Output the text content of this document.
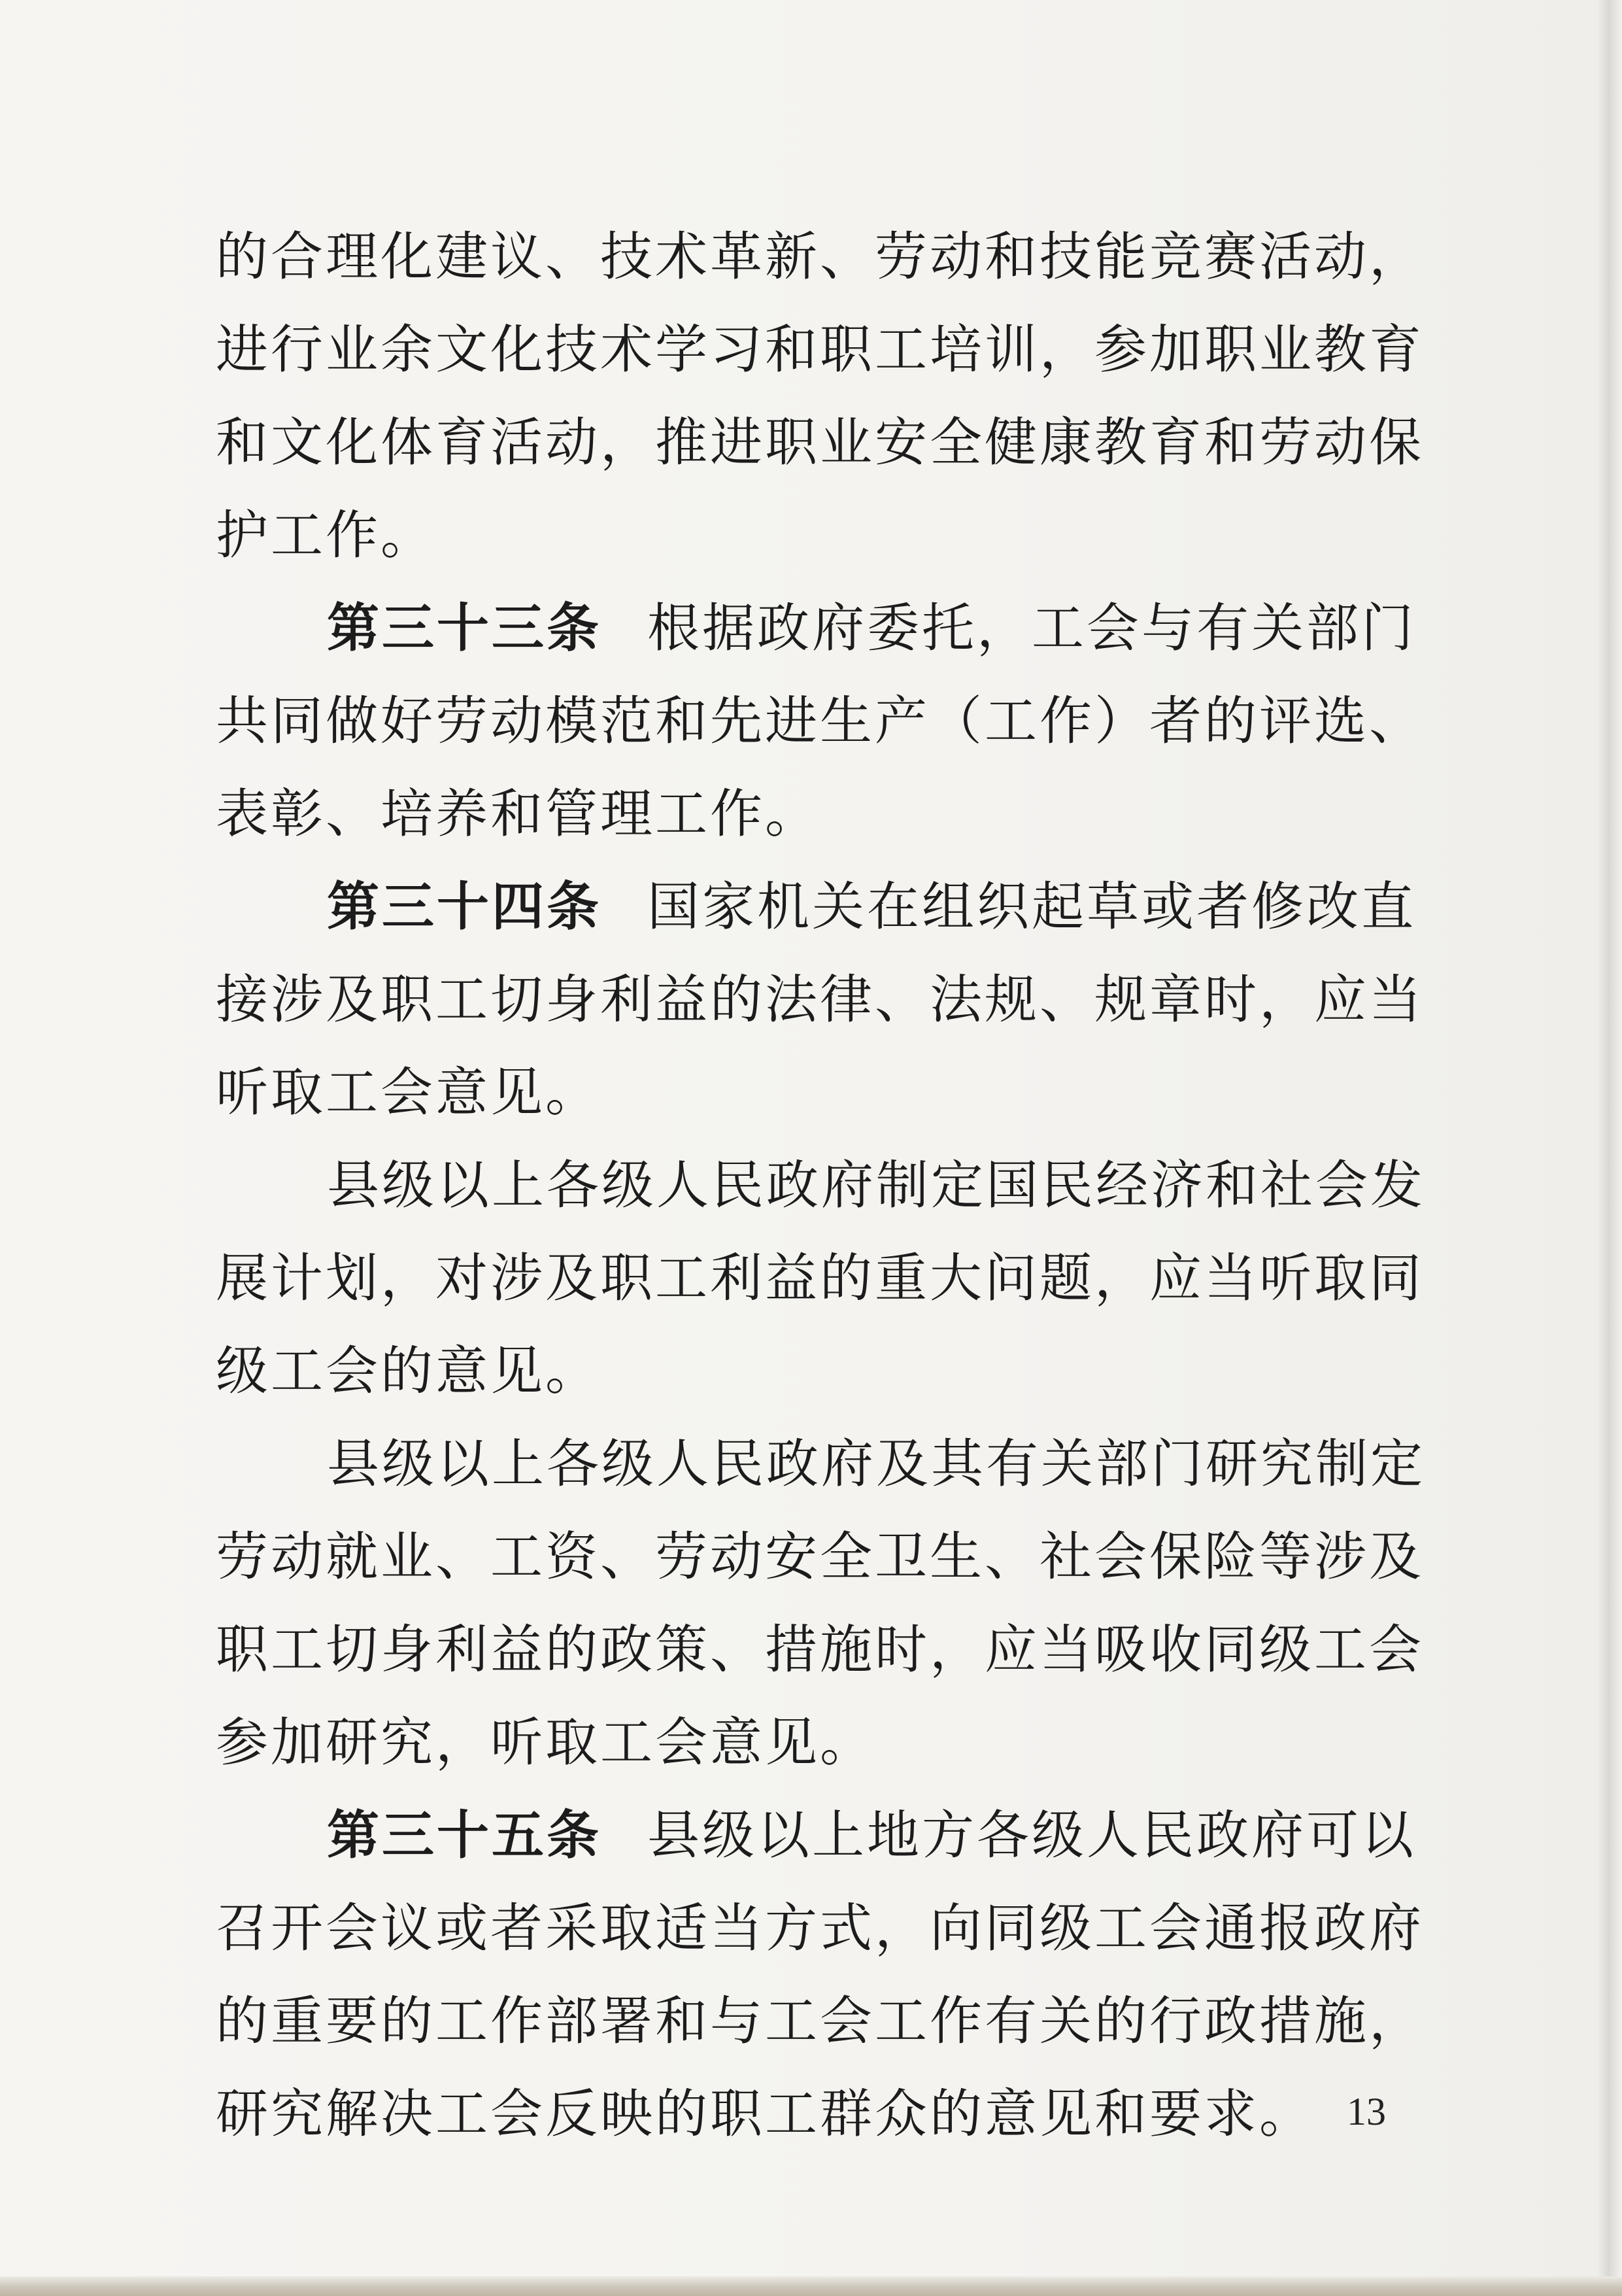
的合理化建议、技术革新、劳动和技能竞赛活动，
进行业余文化技术学习和职工培训，参加职业教育
和文化体育活动，推进职业安全健康教育和劳动保
护工作。
第三十三条 根据政府委托，工会与有关部门
共同做好劳动模范和先进生产（工作）者的评选、
表彰、培养和管理工作。
第三十四条 国家机关在组织起草或者修改直
接涉及职工切身利益的法律、法规、规章时，应当
听取工会意见。
县级以上各级人民政府制定国民经济和社会发
展计划，对涉及职工利益的重大问题，应当听取同
级工会的意见。
县级以上各级人民政府及其有关部门研究制定
劳动就业、工资、劳动安全卫生、社会保险等涉及
职工切身利益的政策、措施时，应当吸收同级工会
参加研究，听取工会意见。
第三十五条 县级以上地方各级人民政府可以
召开会议或者采取适当方式，向同级工会通报政府
的重要的工作部署和与工会工作有关的行政措施，
研究解决工会反映的职工群众的意见和要求。 13
